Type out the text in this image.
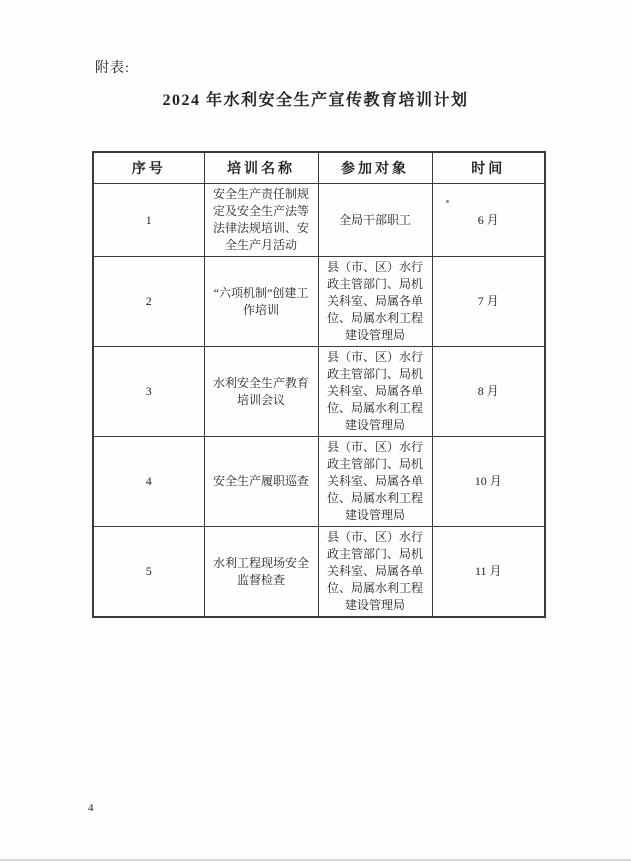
附表:
2024 年水利安全生产宣传教育培训计划
序号	培训名称	参加对象	时间
1	安全生产责任制规定及安全生产法等法律法规培训、安全生产月活动	全局干部职工	6 月
2	“六项机制”创建工作培训	县（市、区）水行政主管部门、局机关科室、局属各单位、局属水利工程建设管理局	7 月
3	水利安全生产教育培训会议	县（市、区）水行政主管部门、局机关科室、局属各单位、局属水利工程建设管理局	8 月
4	安全生产履职巡查	县（市、区）水行政主管部门、局机关科室、局属各单位、局属水利工程建设管理局	10 月
5	水利工程现场安全监督检查	县（市、区）水行政主管部门、局机关科室、局属各单位、局属水利工程建设管理局	11 月
4
